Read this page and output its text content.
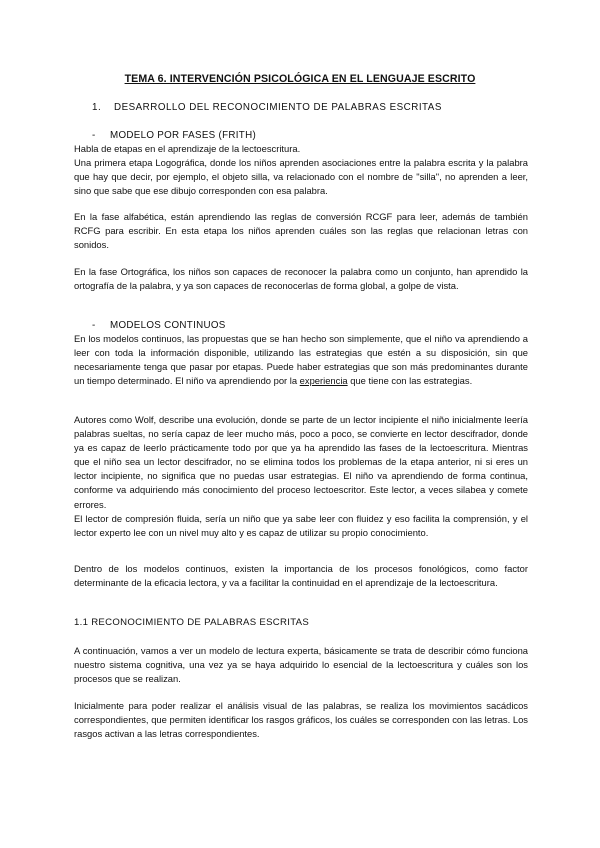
TEMA 6. INTERVENCIÓN PSICOLÓGICA EN EL LENGUAJE ESCRITO
1. DESARROLLO DEL RECONOCIMIENTO DE PALABRAS ESCRITAS
- MODELO POR FASES (FRITH)

Habla de etapas en el aprendizaje de la lectoescritura.

Una primera etapa Logográfica, donde los niños aprenden asociaciones entre la palabra escrita y la palabra que hay que decir, por ejemplo, el objeto silla, va relacionado con el nombre de "silla", no aprenden a leer, sino que sabe que ese dibujo corresponden con esa palabra.

En la fase alfabética, están aprendiendo las reglas de conversión RCGF para leer, además de también RCFG para escribir. En esta etapa los niños aprenden cuáles son las reglas que relacionan letras con sonidos.
En la fase Ortográfica, los niños son capaces de reconocer la palabra como un conjunto, han aprendido la ortografía de la palabra, y ya son capaces de reconocerlas de forma global, a golpe de vista.
- MODELOS CONTINUOS
En los modelos continuos, las propuestas que se han hecho son simplemente, que el niño va aprendiendo a leer con toda la información disponible, utilizando las estrategias que estén a su disposición, sin que necesariamente tenga que pasar por etapas. Puede haber estrategias que son más predominantes durante un tiempo determinado. El niño va aprendiendo por la experiencia que tiene con las estrategias.

Autores como Wolf, describe una evolución, donde se parte de un lector incipiente el niño inicialmente leería palabras sueltas, no sería capaz de leer mucho más, poco a poco, se convierte en lector descifrador, donde ya es capaz de leerlo prácticamente todo por que ya ha aprendido las fases de la lectoescritura. Mientras que el niño sea un lector descifrador, no se elimina todos los problemas de la etapa anterior, ni si eres un lector incipiente, no significa que no puedas usar estrategias. El niño va aprendiendo de forma continua, conforme va adquiriendo más conocimiento del proceso lectoescritor. Este lector, a veces silabea y comete errores.

El lector de compresión fluida, sería un niño que ya sabe leer con fluidez y eso facilita la comprensión, y el lector experto lee con un nivel muy alto y es capaz de utilizar su propio conocimiento.

Dentro de los modelos continuos, existen la importancia de los procesos fonológicos, como factor determinante de la eficacia lectora, y va a facilitar la continuidad en el aprendizaje de la lectoescritura.
1.1 RECONOCIMIENTO DE PALABRAS ESCRITAS
A continuación, vamos a ver un modelo de lectura experta, básicamente se trata de describir cómo funciona nuestro sistema cognitiva, una vez ya se haya adquirido lo esencial de la lectoescritura y cuáles son los procesos que se realizan.
Inicialmente para poder realizar el análisis visual de las palabras, se realiza los movimientos sacádicos correspondientes, que permiten identificar los rasgos gráficos, los cuáles se corresponden con las letras. Los rasgos activan a las letras correspondientes.
